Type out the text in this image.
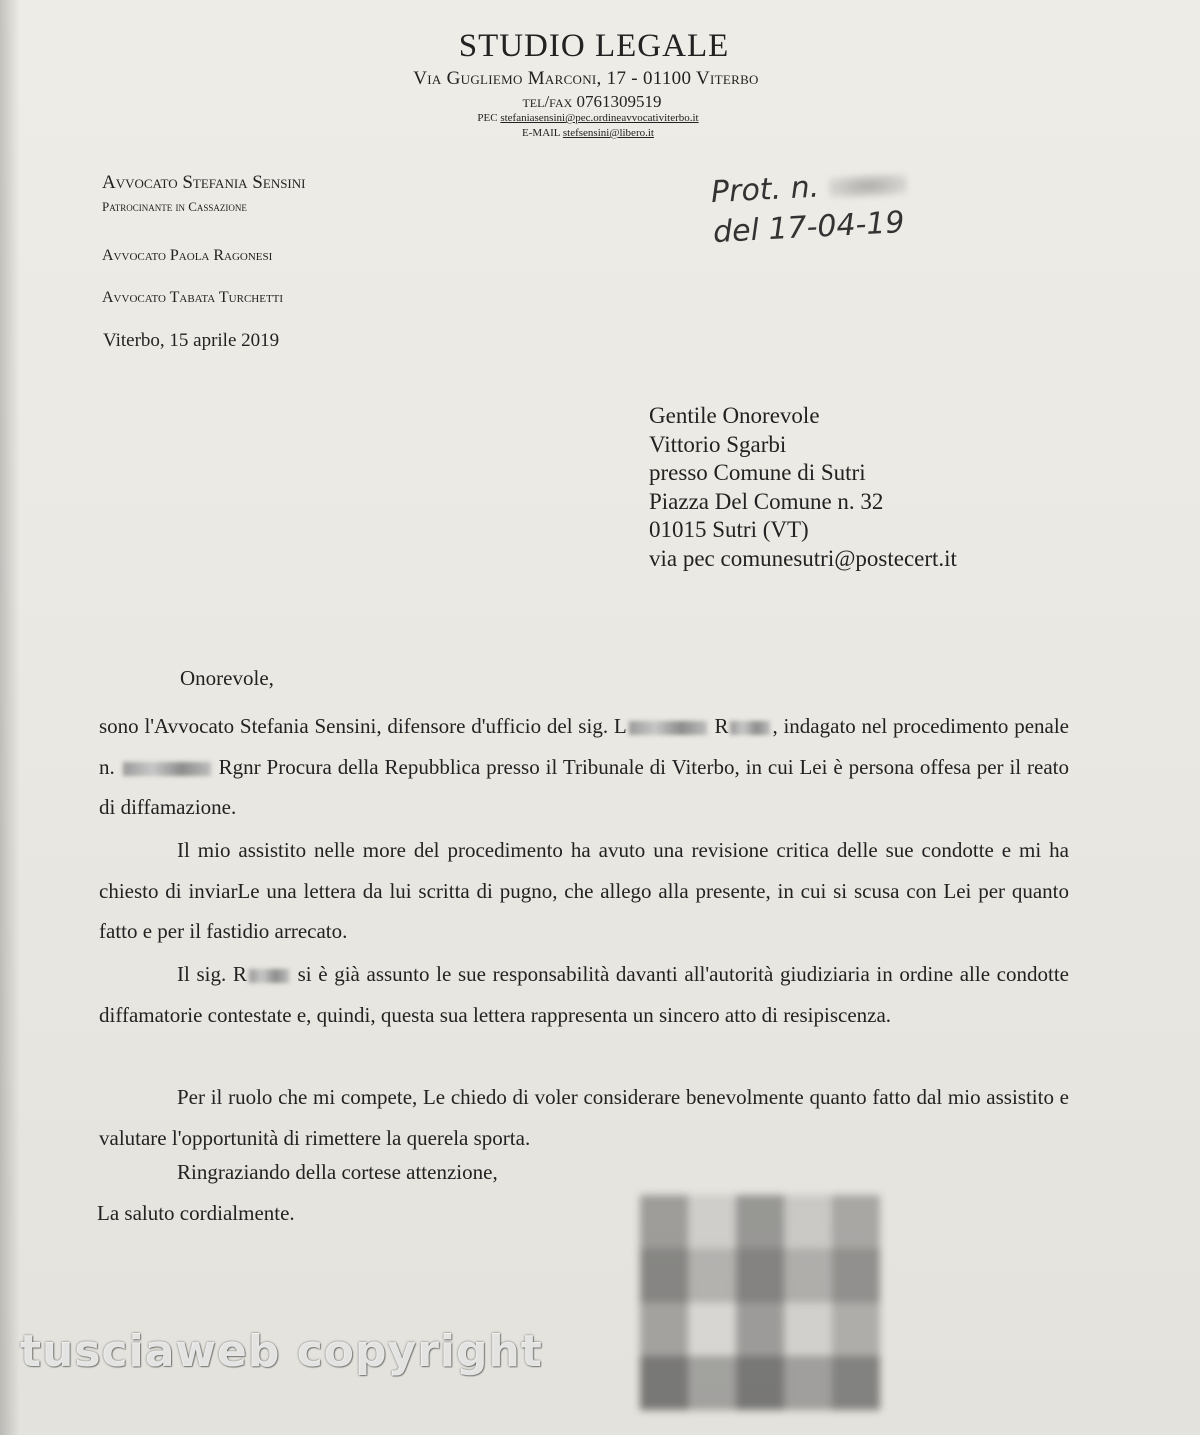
STUDIO LEGALE
Via Gugliemo Marconi, 17 - 01100 Viterbo
tel/fax 0761309519
PEC stefaniasensini@pec.ordineavvocativiterbo.it
E-MAIL stefsensini@libero.it
Avvocato Stefania Sensini
Patrocinante in Cassazione
Avvocato Paola Ragonesi
Avvocato Tabata Turchetti
Viterbo, 15 aprile 2019
Prot. n.
del 17-04-19
Gentile Onorevole
Vittorio Sgarbi
presso Comune di Sutri
Piazza Del Comune n. 32
01015 Sutri (VT)
via pec comunesutri@postecert.it
Onorevole,
sono l'Avvocato Stefania Sensini, difensore d'ufficio del sig. L	R , indagato nel procedimento penale n.	Rgnr Procura della Repubblica presso il Tribunale di Viterbo, in cui Lei è persona offesa per il reato di diffamazione.
Il mio assistito nelle more del procedimento ha avuto una revisione critica delle sue condotte e mi ha chiesto di inviarLe una lettera da lui scritta di pugno, che allego alla presente, in cui si scusa con Lei per quanto fatto e per il fastidio arrecato.
Il sig. R si è già assunto le sue responsabilità davanti all'autorità giudiziaria in ordine alle condotte diffamatorie contestate e, quindi, questa sua lettera rappresenta un sincero atto di resipiscenza.
Per il ruolo che mi compete, Le chiedo di voler considerare benevolmente quanto fatto dal mio assistito e valutare l'opportunità di rimettere la querela sporta.
Ringraziando della cortese attenzione,
La saluto cordialmente.
tusciaweb copyright
